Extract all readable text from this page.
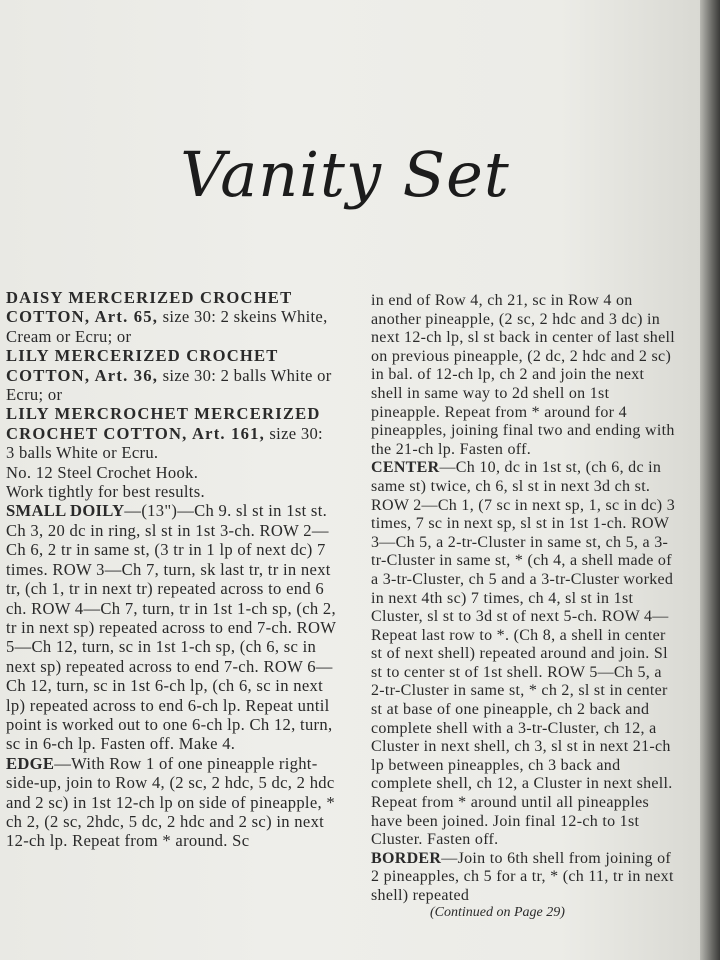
Vanity Set

DAISY MERCERIZED CROCHET COTTON, Art. 65, size 30: 2 skeins White, Cream or Ecru; or

LILY MERCERIZED CROCHET COTTON, Art. 36, size 30: 2 balls White or Ecru; or

LILY MERCROCHET MERCERIZED CROCHET COTTON, Art. 161, size 30: 3 balls White or Ecru.

No. 12 Steel Crochet Hook.

Work tightly for best results.

SMALL DOILY—(13")—Ch 9. sl st in 1st st. Ch 3, 20 dc in ring, sl st in 1st 3-ch. ROW 2—Ch 6, 2 tr in same st, (3 tr in 1 lp of next dc) 7 times. ROW 3—Ch 7, turn, sk last tr, tr in next tr, (ch 1, tr in next tr) repeated across to end 6 ch. ROW 4—Ch 7, turn, tr in 1st 1-ch sp, (ch 2, tr in next sp) repeated across to end 7-ch. ROW 5—Ch 12, turn, sc in 1st 1-ch sp, (ch 6, sc in next sp) repeated across to end 7-ch. ROW 6—Ch 12, turn, sc in 1st 6-ch lp, (ch 6, sc in next lp) repeated across to end 6-ch lp. Repeat until point is worked out to one 6-ch lp. Ch 12, turn, sc in 6-ch lp. Fasten off. Make 4.

EDGE—With Row 1 of one pineapple right-side-up, join to Row 4, (2 sc, 2 hdc, 5 dc, 2 hdc and 2 sc) in 1st 12-ch lp on side of pineapple, * ch 2, (2 sc, 2hdc, 5 dc, 2 hdc and 2 sc) in next 12-ch lp. Repeat from * around. Sc

in end of Row 4, ch 21, sc in Row 4 on another pineapple, (2 sc, 2 hdc and 3 dc) in next 12-ch lp, sl st back in center of last shell on previous pineapple, (2 dc, 2 hdc and 2 sc) in bal. of 12-ch lp, ch 2 and join the next shell in same way to 2d shell on 1st pineapple. Repeat from * around for 4 pineapples, joining final two and ending with the 21-ch lp. Fasten off.

CENTER—Ch 10, dc in 1st st, (ch 6, dc in same st) twice, ch 6, sl st in next 3d ch st. ROW 2—Ch 1, (7 sc in next sp, 1, sc in dc) 3 times, 7 sc in next sp, sl st in 1st 1-ch. ROW 3—Ch 5, a 2-tr-Cluster in same st, ch 5, a 3-tr-Cluster in same st, * (ch 4, a shell made of a 3-tr-Cluster, ch 5 and a 3-tr-Cluster worked in next 4th sc) 7 times, ch 4, sl st in 1st Cluster, sl st to 3d st of next 5-ch. ROW 4—Repeat last row to *. (Ch 8, a shell in center st of next shell) repeated around and join. Sl st to center st of 1st shell. ROW 5—Ch 5, a 2-tr-Cluster in same st, * ch 2, sl st in center st at base of one pineapple, ch 2 back and complete shell with a 3-tr-Cluster, ch 12, a Cluster in next shell, ch 3, sl st in next 21-ch lp between pineapples, ch 3 back and complete shell, ch 12, a Cluster in next shell. Repeat from * around until all pineapples have been joined. Join final 12-ch to 1st Cluster. Fasten off.

BORDER—Join to 6th shell from joining of 2 pineapples, ch 5 for a tr, * (ch 11, tr in next shell) repeated

(Continued on Page 29)
